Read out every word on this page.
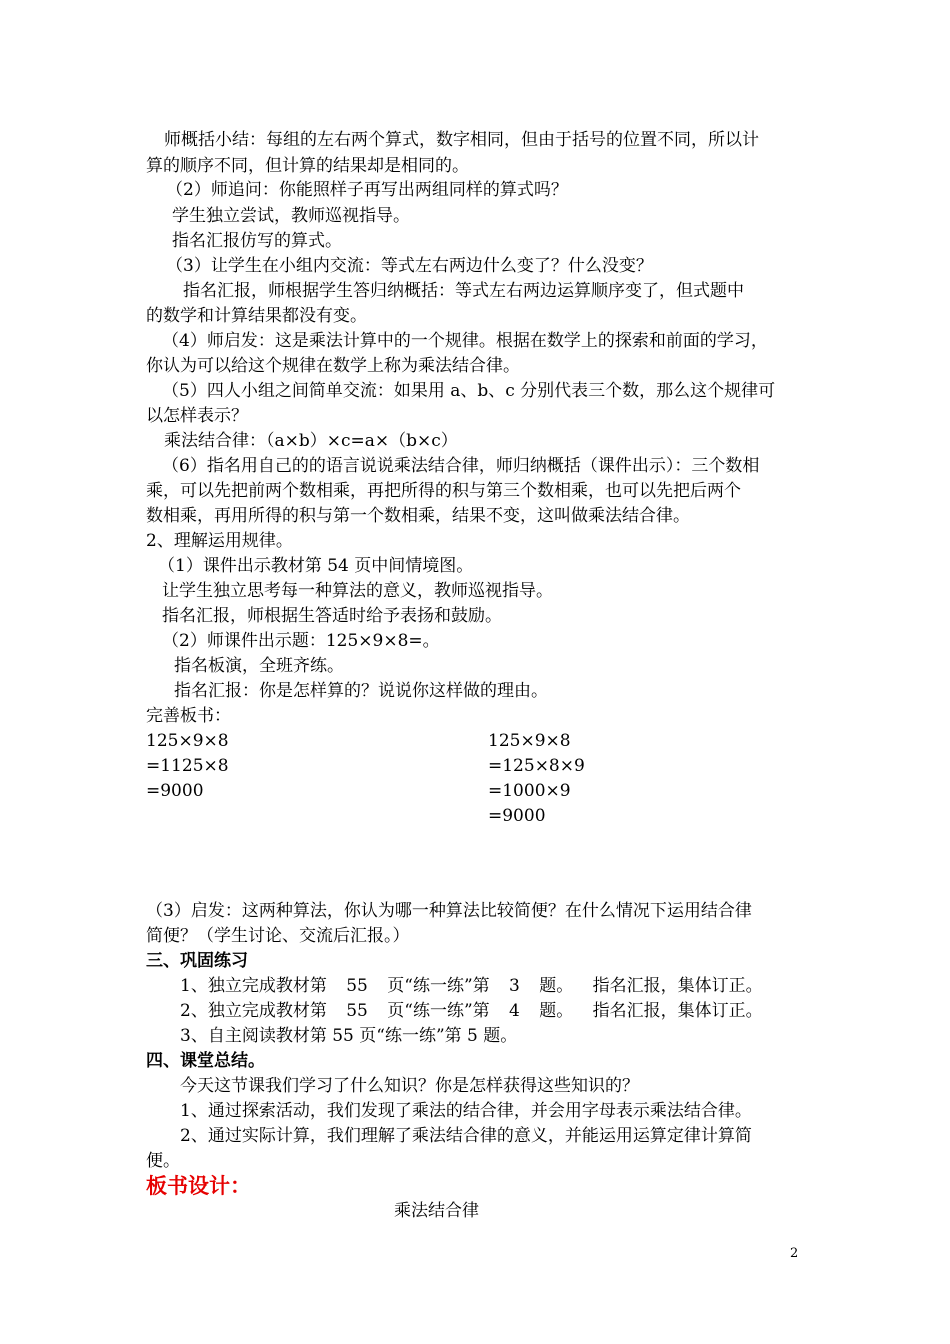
师概括小结：每组的左右两个算式，数字相同，但由于括号的位置不同，所以计
算的顺序不同，但计算的结果却是相同的。
（2）师追问：你能照样子再写出两组同样的算式吗？
学生独立尝试，教师巡视指导。
指名汇报仿写的算式。
（3）让学生在小组内交流：等式左右两边什么变了？什么没变？
指名汇报，师根据学生答归纳概括：等式左右两边运算顺序变了，但式题中
的数学和计算结果都没有变。
（4）师启发：这是乘法计算中的一个规律。根据在数学上的探索和前面的学习，
你认为可以给这个规律在数学上称为乘法结合律。
（5）四人小组之间简单交流：如果用 a、b、c 分别代表三个数，那么这个规律可
以怎样表示？
乘法结合律：（a×b）×c=a×（b×c）
（6）指名用自己的的语言说说乘法结合律，师归纳概括（课件出示）：三个数相
乘，可以先把前两个数相乘，再把所得的积与第三个数相乘，也可以先把后两个
数相乘，再用所得的积与第一个数相乘，结果不变，这叫做乘法结合律。
2、理解运用规律。
（1）课件出示教材第 54 页中间情境图。
让学生独立思考每一种算法的意义，教师巡视指导。
指名汇报，师根据生答适时给予表扬和鼓励。
（2）师课件出示题：125×9×8=。
指名板演，全班齐练。
指名汇报：你是怎样算的？说说你这样做的理由。
完善板书：
125×9×8
=1125×8
=9000
125×9×8
=125×8×9
=1000×9
=9000
（3）启发：这两种算法，你认为哪一种算法比较简便？在什么情况下运用结合律
简便？（学生讨论、交流后汇报。）
三、巩固练习
1、独立完成教材第 55 页“练一练”第 3 题。 指名汇报，集体订正。
2、独立完成教材第 55 页“练一练”第 4 题。 指名汇报，集体订正。
3、自主阅读教材第 55 页“练一练”第 5 题。
四、课堂总结。
今天这节课我们学习了什么知识？你是怎样获得这些知识的？
1、通过探索活动，我们发现了乘法的结合律，并会用字母表示乘法结合律。
2、通过实际计算，我们理解了乘法结合律的意义，并能运用运算定律计算简
便。
板书设计：
乘法结合律
2
